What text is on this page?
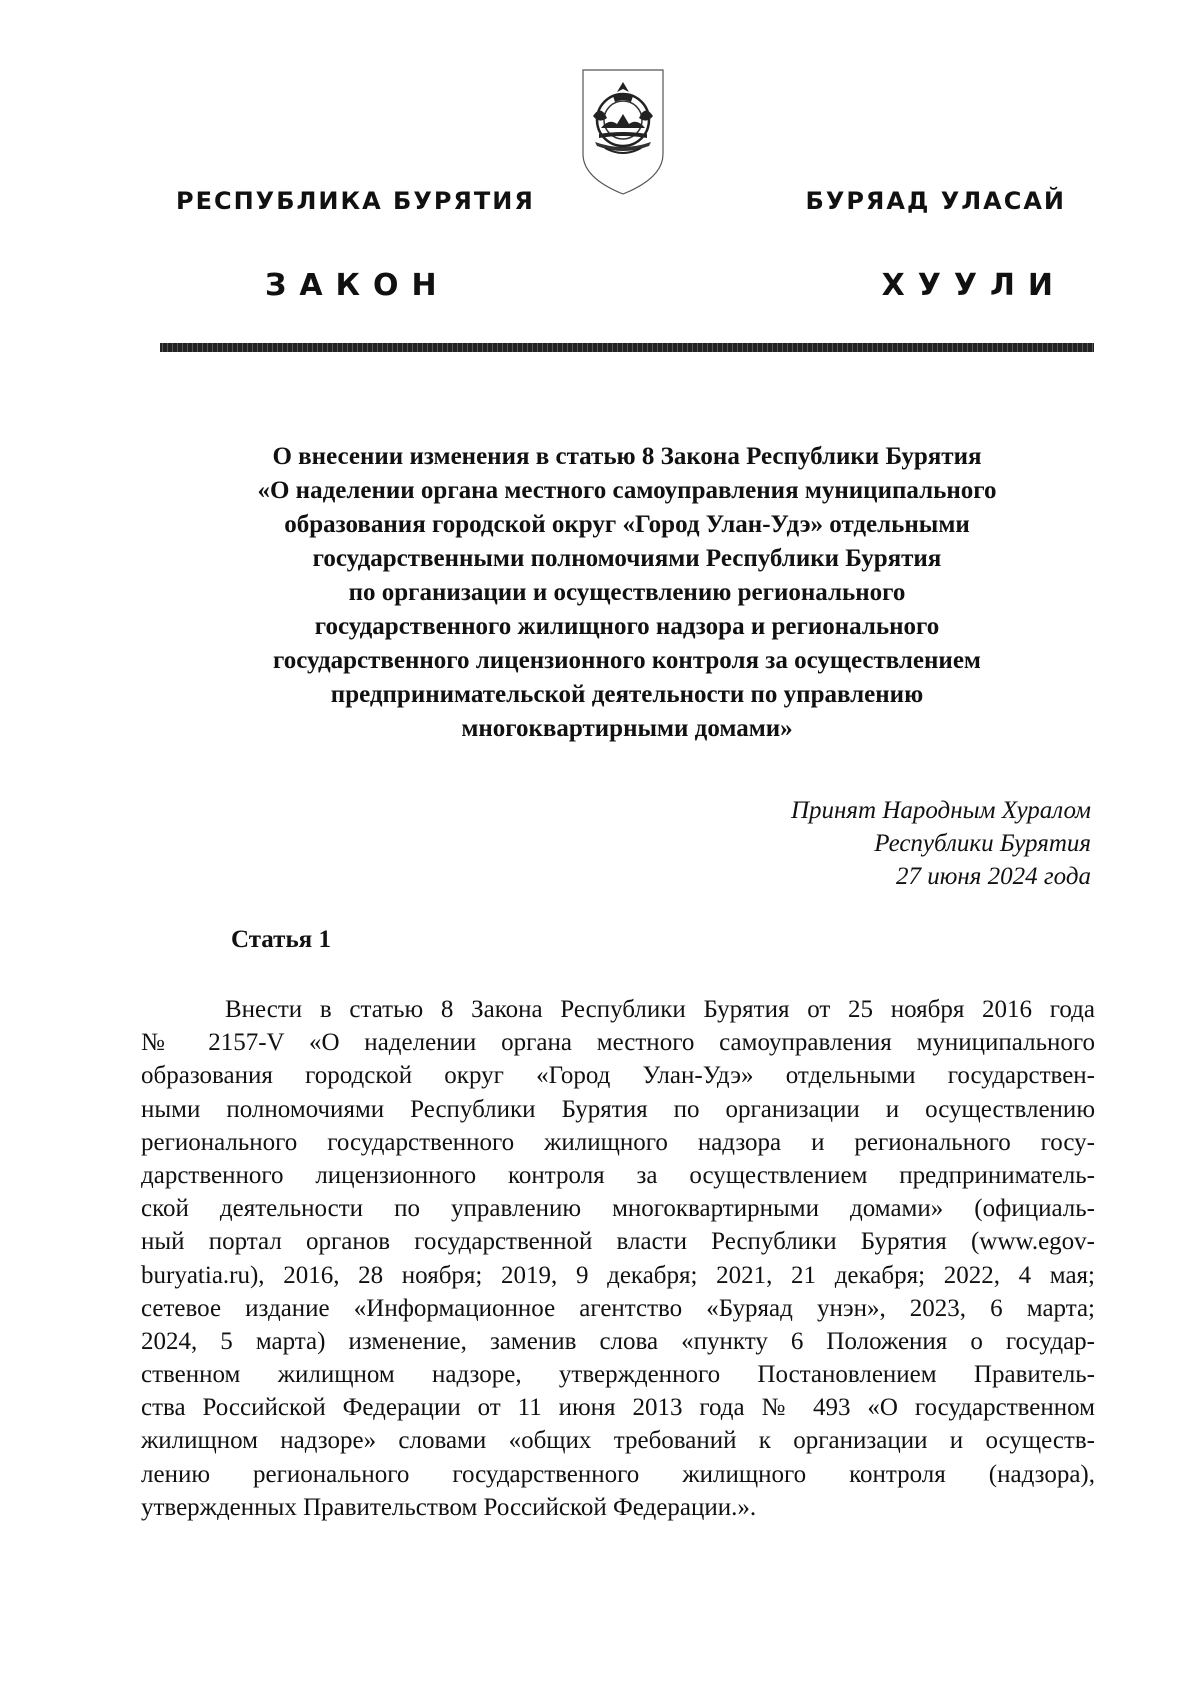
РЕСПУБЛИКА БУРЯТИЯ	БУРЯАД УЛАСАЙ
ЗАКОН	ХУУЛИ
О внесении изменения в статью 8 Закона Республики Бурятия
«О наделении органа местного самоуправления муниципального
образования городской округ «Город Улан-Удэ» отдельными
государственными полномочиями Республики Бурятия
по организации и осуществлению регионального
государственного жилищного надзора и регионального
государственного лицензионного контроля за осуществлением
предпринимательской деятельности по управлению
многоквартирными домами»
Принят Народным Хуралом
Республики Бурятия
27 июня 2024 года
Статья 1
Внести в статью 8 Закона Республики Бурятия от 25 ноября 2016 года
№ 2157-V «О наделении органа местного самоуправления муниципального
образования городской округ «Город Улан-Удэ» отдельными государствен-
ными полномочиями Республики Бурятия по организации и осуществлению
регионального государственного жилищного надзора и регионального госу-
дарственного лицензионного контроля за осуществлением предприниматель-
ской деятельности по управлению многоквартирными домами» (официаль-
ный портал органов государственной власти Республики Бурятия (www.egov-
buryatia.ru), 2016, 28 ноября; 2019, 9 декабря; 2021, 21 декабря; 2022, 4 мая;
сетевое издание «Информационное агентство «Буряад унэн», 2023, 6 марта;
2024, 5 марта) изменение, заменив слова «пункту 6 Положения о государ-
ственном жилищном надзоре, утвержденного Постановлением Правитель-
ства Российской Федерации от 11 июня 2013 года № 493 «О государственном
жилищном надзоре» словами «общих требований к организации и осуществ-
лению регионального государственного жилищного контроля (надзора),
утвержденных Правительством Российской Федерации.».
